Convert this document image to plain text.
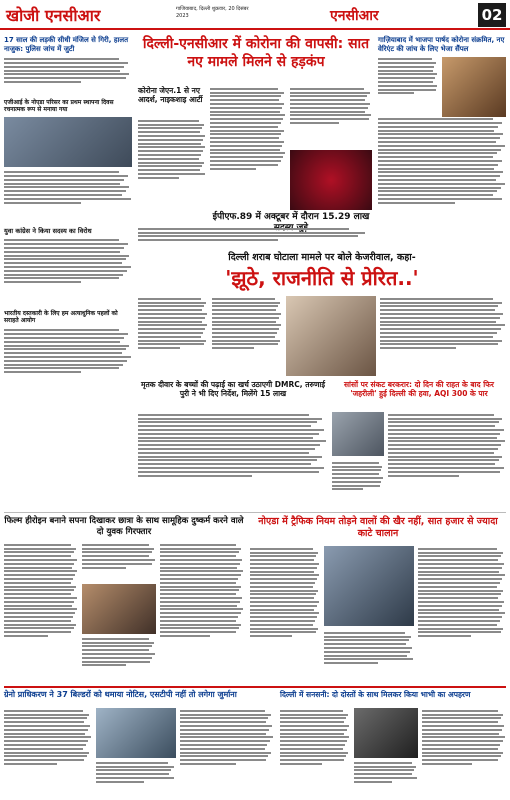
खोजी एनसीआर	गाजियाबाद, दिल्ली शुक्रवार, 20 दिसंबर 2023	एनसीआर	02
17 साल की लड़की सीधी मंजिल से गिरी, हालत नाजुक: पुलिस जांच में जुटी
एजीआई के नोएडा परिसर का प्रथम स्थापना दिवस रचनात्मक रूप से मनाया गया
युवा कांग्रेस ने किया सदस्य का विरोध
भारतीय दस्तकारी के लिए हम अत्याधुनिक पहलों को सराहते आयोग
दिल्ली-एनसीआर में कोरोना की वापसी: सात नए मामले मिलने से हड़कंप
कोरोना जेएन.1 से नए आदर्श, नाइकशाइ आर्टी
ईपीएफ.89 में अक्टूबर में दौरान 15.29 लाख
गाज़ियाबाद में भाजपा पार्षद कोरोना संक्रमित, नए वेरिएंट की जांच के लिए भेजा सैंपल
दिल्ली शराब घोटाला मामले पर बोले केजरीवाल, कहा-
'झूठे, राजनीति से प्रेरित..'
मृतक दीवार के बच्चों की पढ़ाई का खर्च उठाएगी DMRC, तरुणाई पुरी ने भी दिए निर्देश, मिलेंगे 15 लाख
सांसों पर संकट बरकरार: दो दिन की राहत के बाद फिर 'जहरीली' हुई दिल्ली की हवा, AQI 300 के पार
फिल्म हीरोइन बनाने सपना दिखाकर छात्रा के साथ सामूहिक दुष्कर्म करने वाले दो युवक गिरफ्तार
नोएडा में ट्रैफिक नियम तोड़ने वालों की खैर नहीं, सात हजार से ज्यादा काटे चालान
ग्रेनो प्राधिकरण ने 37 बिल्डरों को थमाया नोटिस, एसटीपी नहीं तो लगेगा जुर्माना	दिल्ली में सनसनी: दो दोस्तों के साथ मिलकर किया भाभी का अपहरण
